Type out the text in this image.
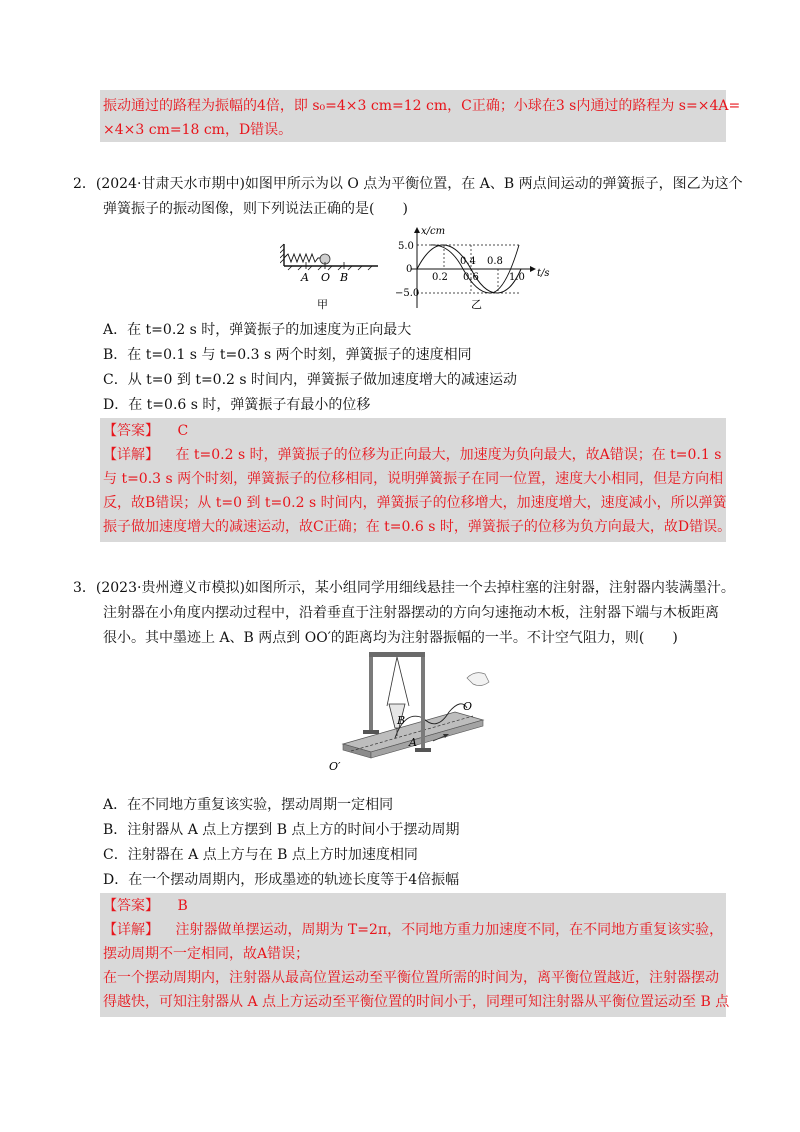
振动通过的路程为振幅的4倍，即 s₀=4×3 cm=12 cm，C正确；小球在3 s内通过的路程为 s=×4A=
×4×3 cm=18 cm，D错误。
2．(2024·甘肃天水市期中)如图甲所示为以 O 点为平衡位置，在 A、B 两点间运动的弹簧振子，图乙为这个
弹簧振子的振动图像，则下列说法正确的是(　　)
A O B
甲
x/cm
5.0
−5.0
0
0.2
0.4
0.6
0.8
1.0 t/s
乙
A．在 t=0.2 s 时，弹簧振子的加速度为正向最大
B．在 t=0.1 s 与 t=0.3 s 两个时刻，弹簧振子的速度相同
C．从 t=0 到 t=0.2 s 时间内，弹簧振子做加速度增大的减速运动
D．在 t=0.6 s 时，弹簧振子有最小的位移
【答案】 C
【详解】 在 t=0.2 s 时，弹簧振子的位移为正向最大，加速度为负向最大，故A错误；在 t=0.1 s
与 t=0.3 s 两个时刻，弹簧振子的位移相同，说明弹簧振子在同一位置，速度大小相同，但是方向相
反，故B错误；从 t=0 到 t=0.2 s 时间内，弹簧振子的位移增大，加速度增大，速度减小，所以弹簧
振子做加速度增大的减速运动，故C正确；在 t=0.6 s 时，弹簧振子的位移为负方向最大，故D错误。
3．(2023·贵州遵义市模拟)如图所示，某小组同学用细线悬挂一个去掉柱塞的注射器，注射器内装满墨汁。
注射器在小角度内摆动过程中，沿着垂直于注射器摆动的方向匀速拖动木板，注射器下端与木板距离
很小。其中墨迹上 A、B 两点到 OO′的距离均为注射器振幅的一半。不计空气阻力，则(　　)
O
B
A
O′
A．在不同地方重复该实验，摆动周期一定相同
B．注射器从 A 点上方摆到 B 点上方的时间小于摆动周期
C．注射器在 A 点上方与在 B 点上方时加速度相同
D．在一个摆动周期内，形成墨迹的轨迹长度等于4倍振幅
【答案】 B
【详解】 注射器做单摆运动，周期为 T=2π，不同地方重力加速度不同，在不同地方重复该实验，
摆动周期不一定相同，故A错误；
在一个摆动周期内，注射器从最高位置运动至平衡位置所需的时间为，离平衡位置越近，注射器摆动
得越快，可知注射器从 A 点上方运动至平衡位置的时间小于，同理可知注射器从平衡位置运动至 B 点
